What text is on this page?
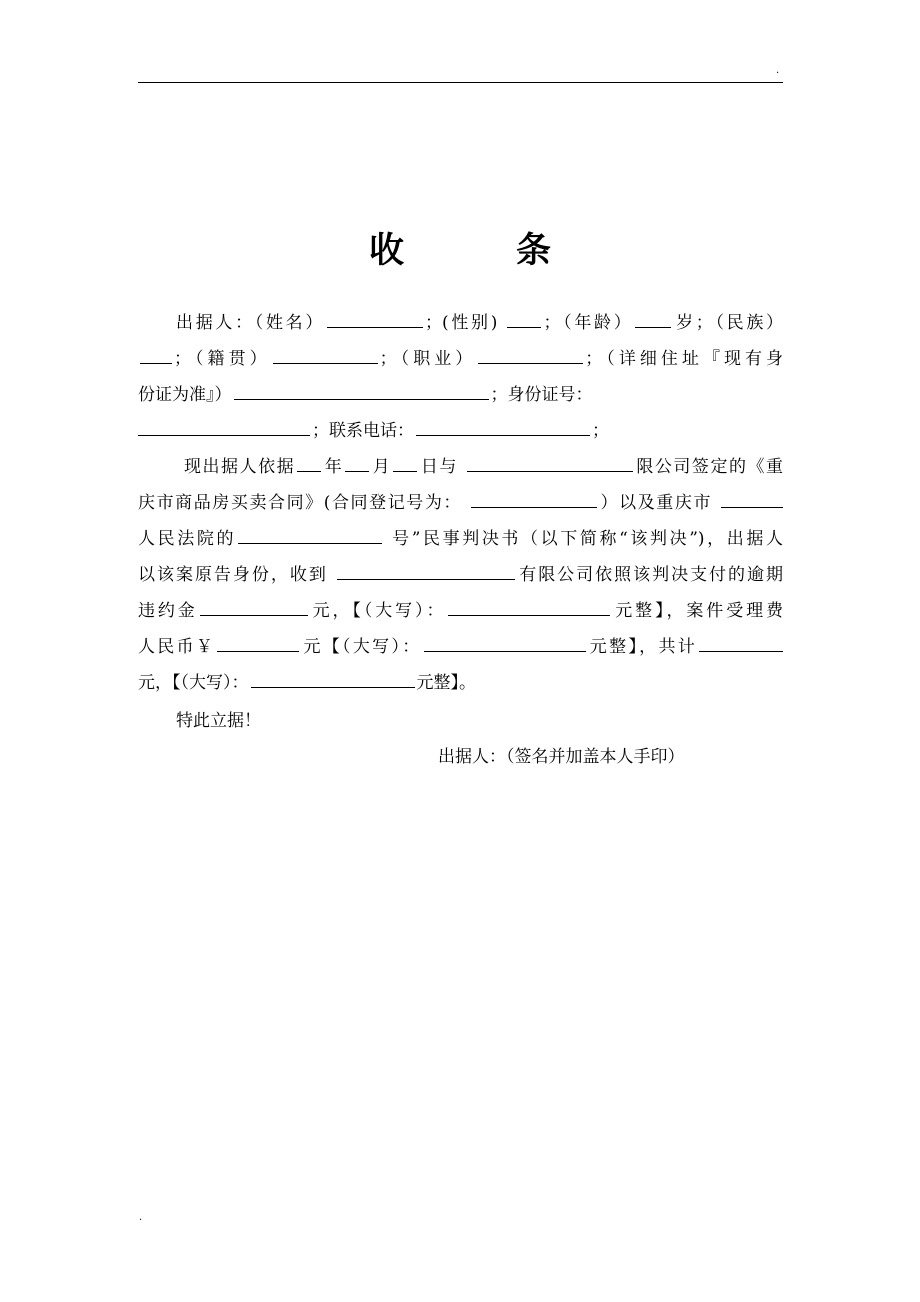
.
收	条
出据人：（姓名）	；(性别)	；（年龄） 岁；（民族）
；（籍贯）	；（职业）	；（详细住址『现有身
份证为准』）	；身份证号：
；联系电话：	；
现出据人依据 年 月 日与	限公司签定的《重
庆市商品房买卖合同》(合同登记号为：	）以及重庆市
人民法院的	号”民事判决书（以下简称“该判决”)，出据人
以该案原告身份，收到	有限公司依照该判决支付的逾期
违约金	元，【（大写）：	元整】，案件受理费
人民币￥	元【（大写）：	元整】，共计
元，【（大写）：	元整】。
特此立据！
出据人：（签名并加盖本人手印）
.
